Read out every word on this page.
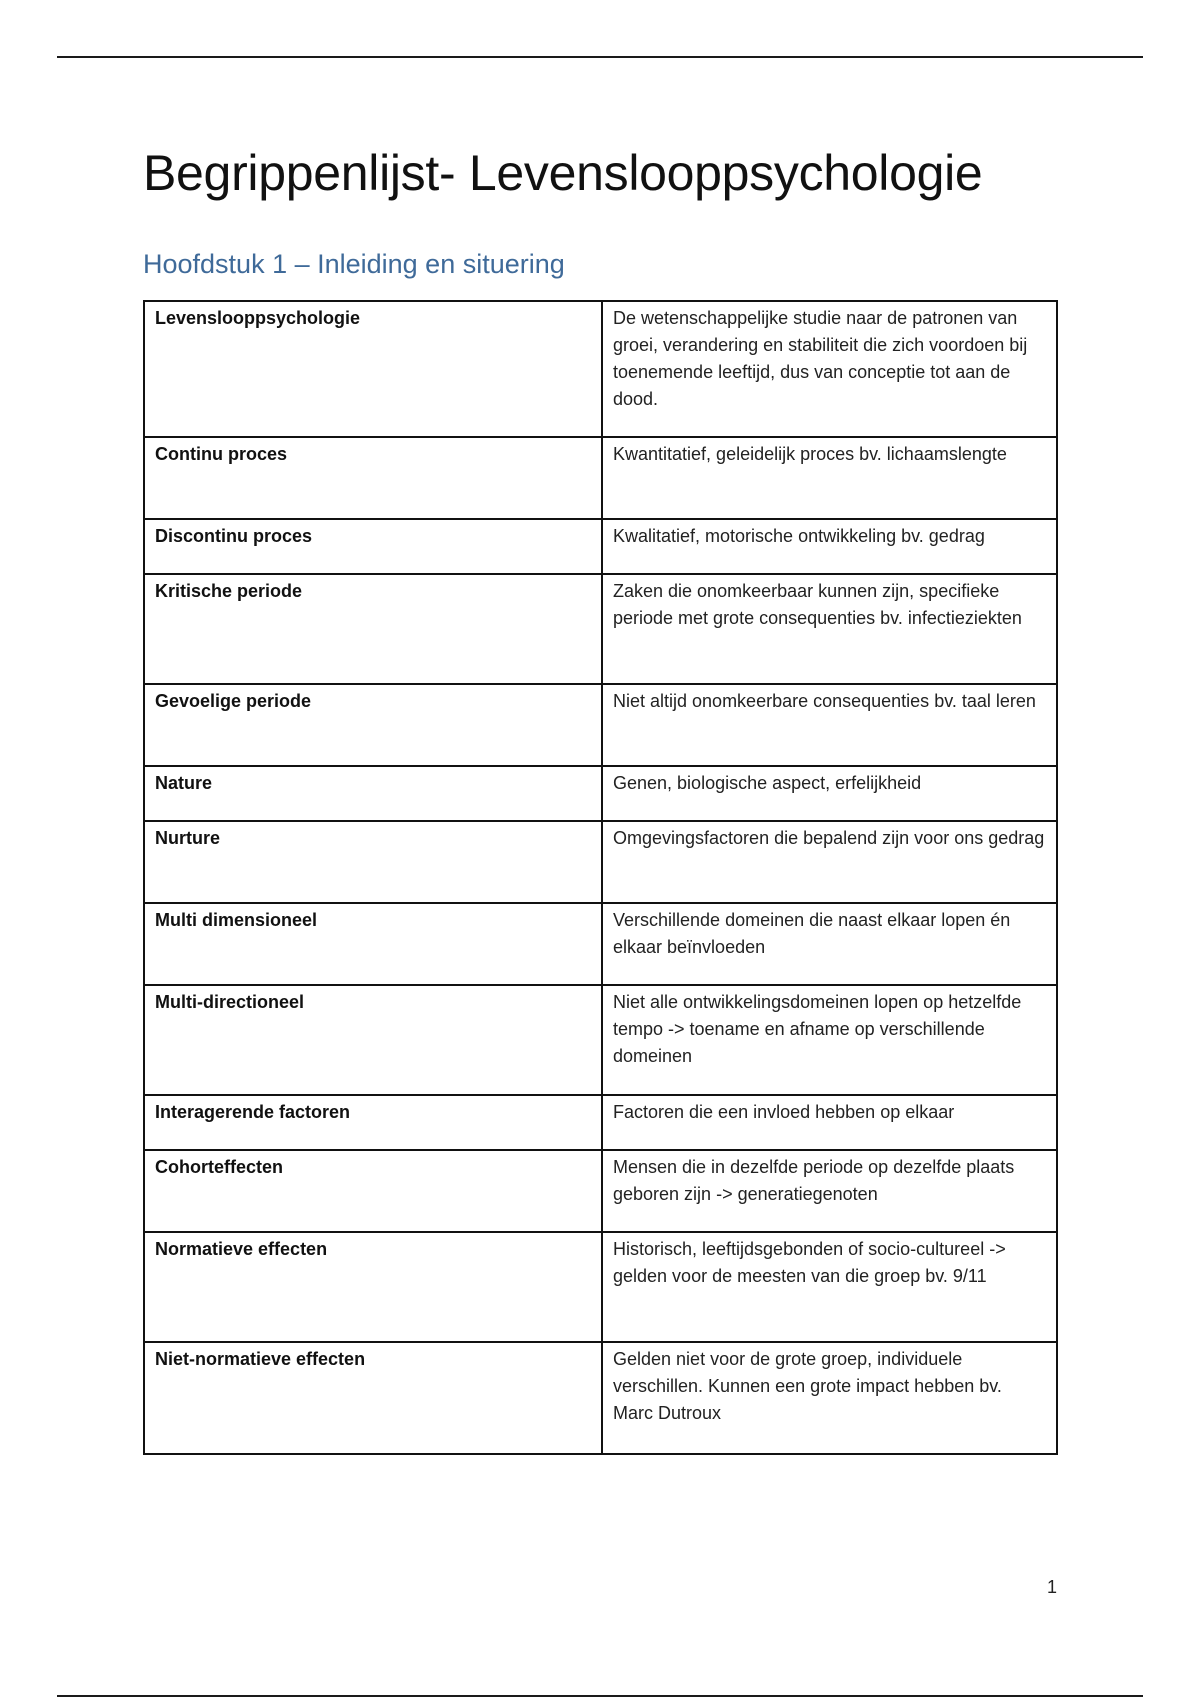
Begrippenlijst- Levenslooppsychologie
Hoofdstuk 1 – Inleiding en situering
Levenslooppsychologie	De wetenschappelijke studie naar de patronen van groei, verandering en stabiliteit die zich voordoen bij toenemende leeftijd, dus van conceptie tot aan de dood.
Continu proces	Kwantitatief, geleidelijk proces bv. lichaamslengte
Discontinu proces	Kwalitatief, motorische ontwikkeling bv. gedrag
Kritische periode	Zaken die onomkeerbaar kunnen zijn, specifieke periode met grote consequenties bv. infectieziekten
Gevoelige periode	Niet altijd onomkeerbare consequenties bv. taal leren
Nature	Genen, biologische aspect, erfelijkheid
Nurture	Omgevingsfactoren die bepalend zijn voor ons gedrag
Multi dimensioneel	Verschillende domeinen die naast elkaar lopen én elkaar beïnvloeden
Multi-directioneel	Niet alle ontwikkelingsdomeinen lopen op hetzelfde tempo -> toename en afname op verschillende domeinen
Interagerende factoren	Factoren die een invloed hebben op elkaar
Cohorteffecten	Mensen die in dezelfde periode op dezelfde plaats geboren zijn -> generatiegenoten
Normatieve effecten	Historisch, leeftijdsgebonden of socio-cultureel -> gelden voor de meesten van die groep bv. 9/11
Niet-normatieve effecten	Gelden niet voor de grote groep, individuele verschillen. Kunnen een grote impact hebben bv. Marc Dutroux
1
